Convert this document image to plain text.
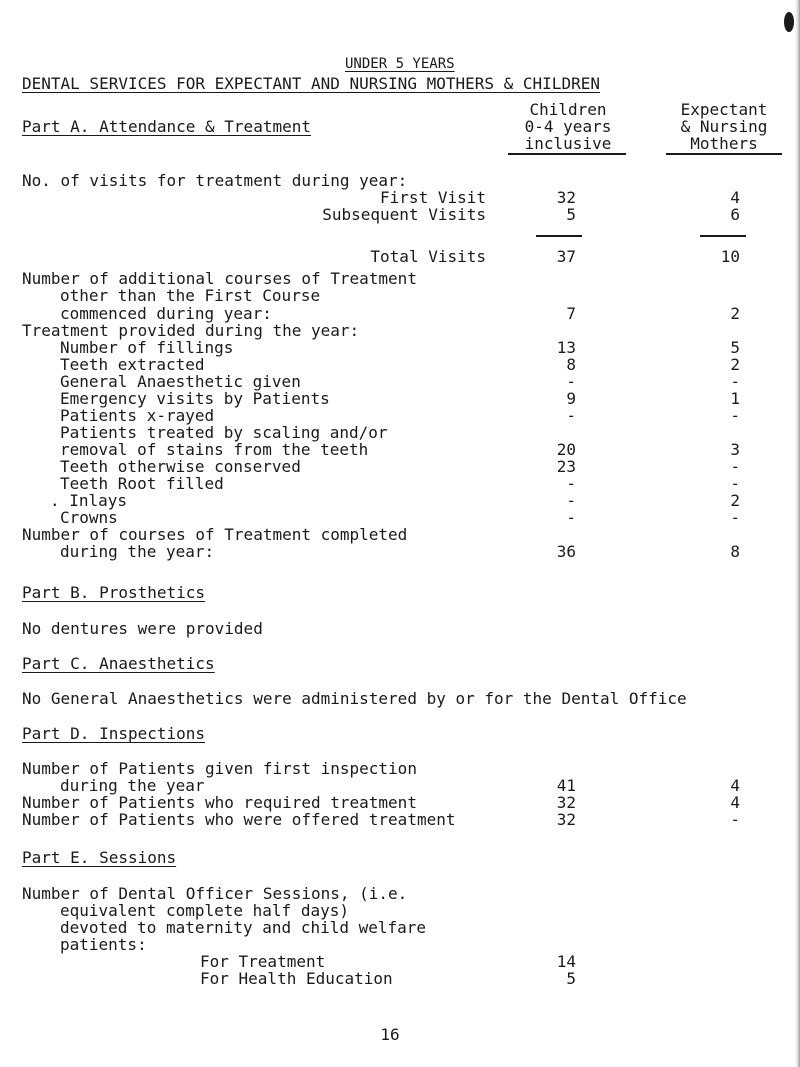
DENTAL SERVICES FOR EXPECTANT AND NURSING MOTHERS & CHILDREN
UNDER 5 YEARS
Part A. Attendance & Treatment
Children
0-4 years
inclusive
Expectant
& Nursing
Mothers
No. of visits for treatment during year:
First Visit	32	4
Subsequent Visits	5	6
Total Visits	37	10
Number of additional courses of Treatment
other than the First Course
commenced during year:	7	2
Treatment provided during the year:
Number of fillings	13	5
Teeth extracted	8	2
General Anaesthetic given	-	-
Emergency visits by Patients	9	1
Patients x-rayed	-	-
Patients treated by scaling and/or
removal of stains from the teeth	20	3
Teeth otherwise conserved	23	-
Teeth Root filled	-	-
. Inlays	-	2
Crowns	-	-
Number of courses of Treatment completed
during the year:	36	8
Part B. Prosthetics
No dentures were provided
Part C. Anaesthetics
No General Anaesthetics were administered by or for the Dental Office
Part D. Inspections
Number of Patients given first inspection
during the year	41	4
Number of Patients who required treatment	32	4
Number of Patients who were offered treatment	32	-
Part E. Sessions
Number of Dental Officer Sessions, (i.e.
equivalent complete half days)
devoted to maternity and child welfare
patients:
For Treatment	14
For Health Education	5
16
